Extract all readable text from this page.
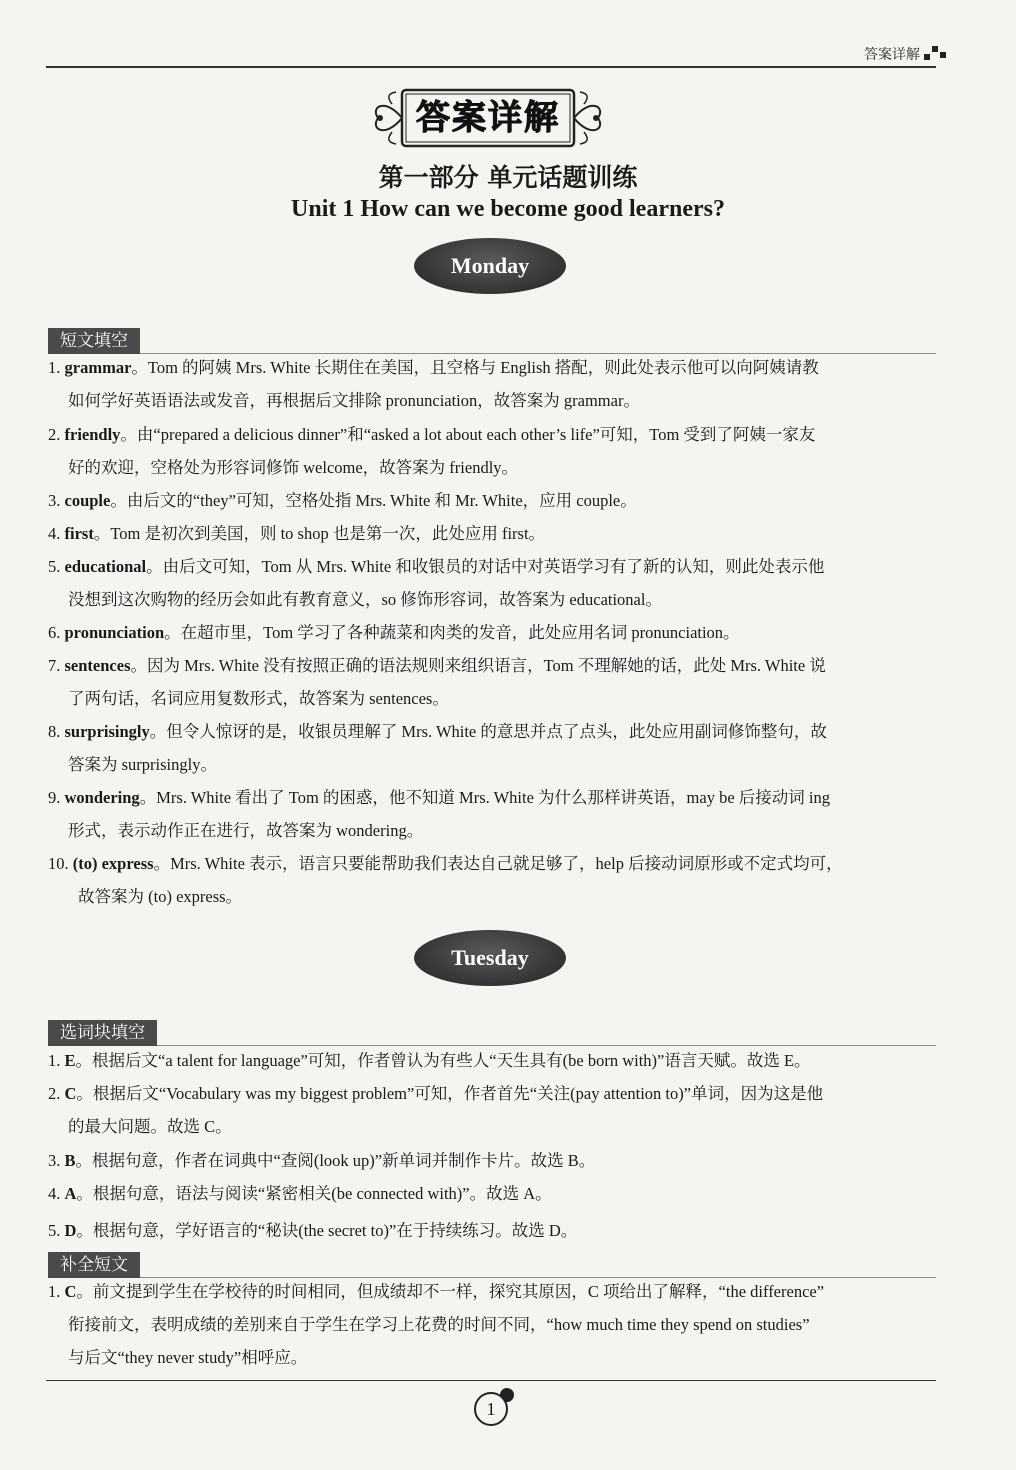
答案详解
答案详解
第一部分 单元话题训练
Unit 1 How can we become good learners?
Monday
短文填空
1. grammar。Tom 的阿姨 Mrs. White 长期住在美国，且空格与 English 搭配，则此处表示他可以向阿姨请教
如何学好英语语法或发音，再根据后文排除 pronunciation，故答案为 grammar。
2. friendly。由“prepared a delicious dinner”和“asked a lot about each other’s life”可知，Tom 受到了阿姨一家友
好的欢迎，空格处为形容词修饰 welcome，故答案为 friendly。
3. couple。由后文的“they”可知，空格处指 Mrs. White 和 Mr. White，应用 couple。
4. first。Tom 是初次到美国，则 to shop 也是第一次，此处应用 first。
5. educational。由后文可知，Tom 从 Mrs. White 和收银员的对话中对英语学习有了新的认知，则此处表示他
没想到这次购物的经历会如此有教育意义，so 修饰形容词，故答案为 educational。
6. pronunciation。在超市里，Tom 学习了各种蔬菜和肉类的发音，此处应用名词 pronunciation。
7. sentences。因为 Mrs. White 没有按照正确的语法规则来组织语言，Tom 不理解她的话，此处 Mrs. White 说
了两句话，名词应用复数形式，故答案为 sentences。
8. surprisingly。但令人惊讶的是，收银员理解了 Mrs. White 的意思并点了点头，此处应用副词修饰整句，故
答案为 surprisingly。
9. wondering。Mrs. White 看出了 Tom 的困惑，他不知道 Mrs. White 为什么那样讲英语，may be 后接动词 ing
形式，表示动作正在进行，故答案为 wondering。
10. (to) express。Mrs. White 表示，语言只要能帮助我们表达自己就足够了，help 后接动词原形或不定式均可，
故答案为 (to) express。
Tuesday
选词块填空
1. E。根据后文“a talent for language”可知，作者曾认为有些人“天生具有(be born with)”语言天赋。故选 E。
2. C。根据后文“Vocabulary was my biggest problem”可知，作者首先“关注(pay attention to)”单词，因为这是他
的最大问题。故选 C。
3. B。根据句意，作者在词典中“查阅(look up)”新单词并制作卡片。故选 B。
4. A。根据句意，语法与阅读“紧密相关(be connected with)”。故选 A。
5. D。根据句意，学好语言的“秘诀(the secret to)”在于持续练习。故选 D。
补全短文
1. C。前文提到学生在学校待的时间相同，但成绩却不一样，探究其原因，C 项给出了解释，“the difference”
衔接前文，表明成绩的差别来自于学生在学习上花费的时间不同，“how much time they spend on studies”
与后文“they never study”相呼应。
1
